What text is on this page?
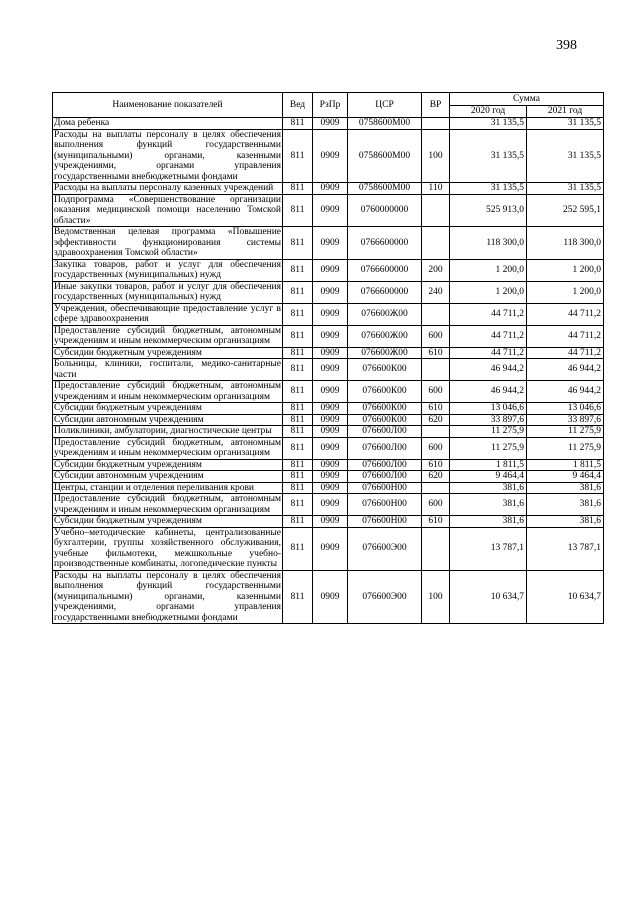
398
Наименование показателей	Вед	РзПр	ЦСР	ВР	Сумма	
					2020 год	2021 год
Дома ребенка	811	0909	0758600М00		31 135,5	31 135,5
Расходы на выплаты персоналу в целях обеспечения выполнения функций государственными (муниципальными) органами, казенными учреждениями, органами управления государственными внебюджетными фондами	811	0909	0758600М00	100	31 135,5	31 135,5
Расходы на выплаты персоналу казенных учреждений	811	0909	0758600М00	110	31 135,5	31 135,5
Подпрограмма «Совершенствование организации оказания медицинской помощи населению Томской области»	811	0909	0760000000		525 913,0	252 595,1
Ведомственная целевая программа «Повышение эффективности функционирования системы здравоохранения Томской области»	811	0909	0766600000		118 300,0	118 300,0
Закупка товаров, работ и услуг для обеспечения государственных (муниципальных) нужд	811	0909	0766600000	200	1 200,0	1 200,0
Иные закупки товаров, работ и услуг для обеспечения государственных (муниципальных) нужд	811	0909	0766600000	240	1 200,0	1 200,0
Учреждения, обеспечивающие предоставление услуг в сфере здравоохранения	811	0909	076600Ж00		44 711,2	44 711,2
Предоставление субсидий бюджетным, автономным учреждениям и иным некоммерческим организациям	811	0909	076600Ж00	600	44 711,2	44 711,2
Субсидии бюджетным учреждениям	811	0909	076600Ж00	610	44 711,2	44 711,2
Больницы, клиники, госпитали, медико-санитарные части	811	0909	076600К00		46 944,2	46 944,2
Предоставление субсидий бюджетным, автономным учреждениям и иным некоммерческим организациям	811	0909	076600К00	600	46 944,2	46 944,2
Субсидии бюджетным учреждениям	811	0909	076600К00	610	13 046,6	13 046,6
Субсидии автономным учреждениям	811	0909	076600К00	620	33 897,6	33 897,6
Поликлиники, амбулатории, диагностические центры	811	0909	076600Л00		11 275,9	11 275,9
Предоставление субсидий бюджетным, автономным учреждениям и иным некоммерческим организациям	811	0909	076600Л00	600	11 275,9	11 275,9
Субсидии бюджетным учреждениям	811	0909	076600Л00	610	1 811,5	1 811,5
Субсидии автономным учреждениям	811	0909	076600Л00	620	9 464,4	9 464,4
Центры, станции и отделения переливания крови	811	0909	076600Н00		381,6	381,6
Предоставление субсидий бюджетным, автономным учреждениям и иным некоммерческим организациям	811	0909	076600Н00	600	381,6	381,6
Субсидии бюджетным учреждениям	811	0909	076600Н00	610	381,6	381,6
Учебно–методические кабинеты, централизованные бухгалтерии, группы хозяйственного обслуживания, учебные фильмотеки, межшкольные учебно-производственные комбинаты, логопедические пункты	811	0909	076600Э00		13 787,1	13 787,1
Расходы на выплаты персоналу в целях обеспечения выполнения функций государственными (муниципальными) органами, казенными учреждениями, органами управления государственными внебюджетными фондами	811	0909	076600Э00	100	10 634,7	10 634,7
